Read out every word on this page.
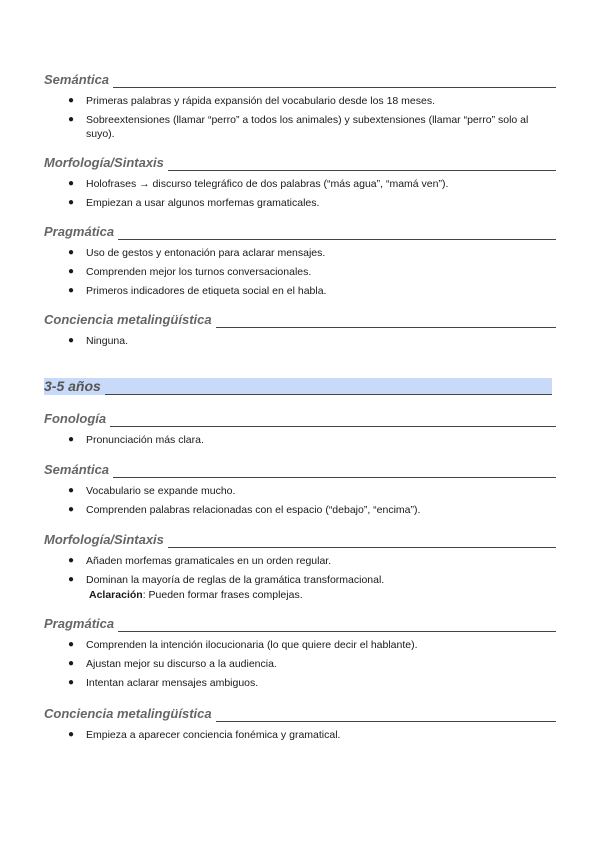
Semántica
● Primeras palabras y rápida expansión del vocabulario desde los 18 meses.
● Sobreextensiones (llamar “perro” a todos los animales) y subextensiones (llamar “perro” solo al suyo).
Morfología/Sintaxis
● Holofrases → discurso telegráfico de dos palabras (“más agua”, “mamá ven”).
● Empiezan a usar algunos morfemas gramaticales.
Pragmática
● Uso de gestos y entonación para aclarar mensajes.
● Comprenden mejor los turnos conversacionales.
● Primeros indicadores de etiqueta social en el habla.
Conciencia metalingüística
● Ninguna.
3-5 años
Fonología
● Pronunciación más clara.
Semántica
● Vocabulario se expande mucho.
● Comprenden palabras relacionadas con el espacio (“debajo”, “encima”).
Morfología/Sintaxis
● Añaden morfemas gramaticales en un orden regular.
● Dominan la mayoría de reglas de la gramática transformacional.
Aclaración: Pueden formar frases complejas.
Pragmática
● Comprenden la intención ilocucionaria (lo que quiere decir el hablante).
● Ajustan mejor su discurso a la audiencia.
● Intentan aclarar mensajes ambiguos.
Conciencia metalingüística
● Empieza a aparecer conciencia fonémica y gramatical.
